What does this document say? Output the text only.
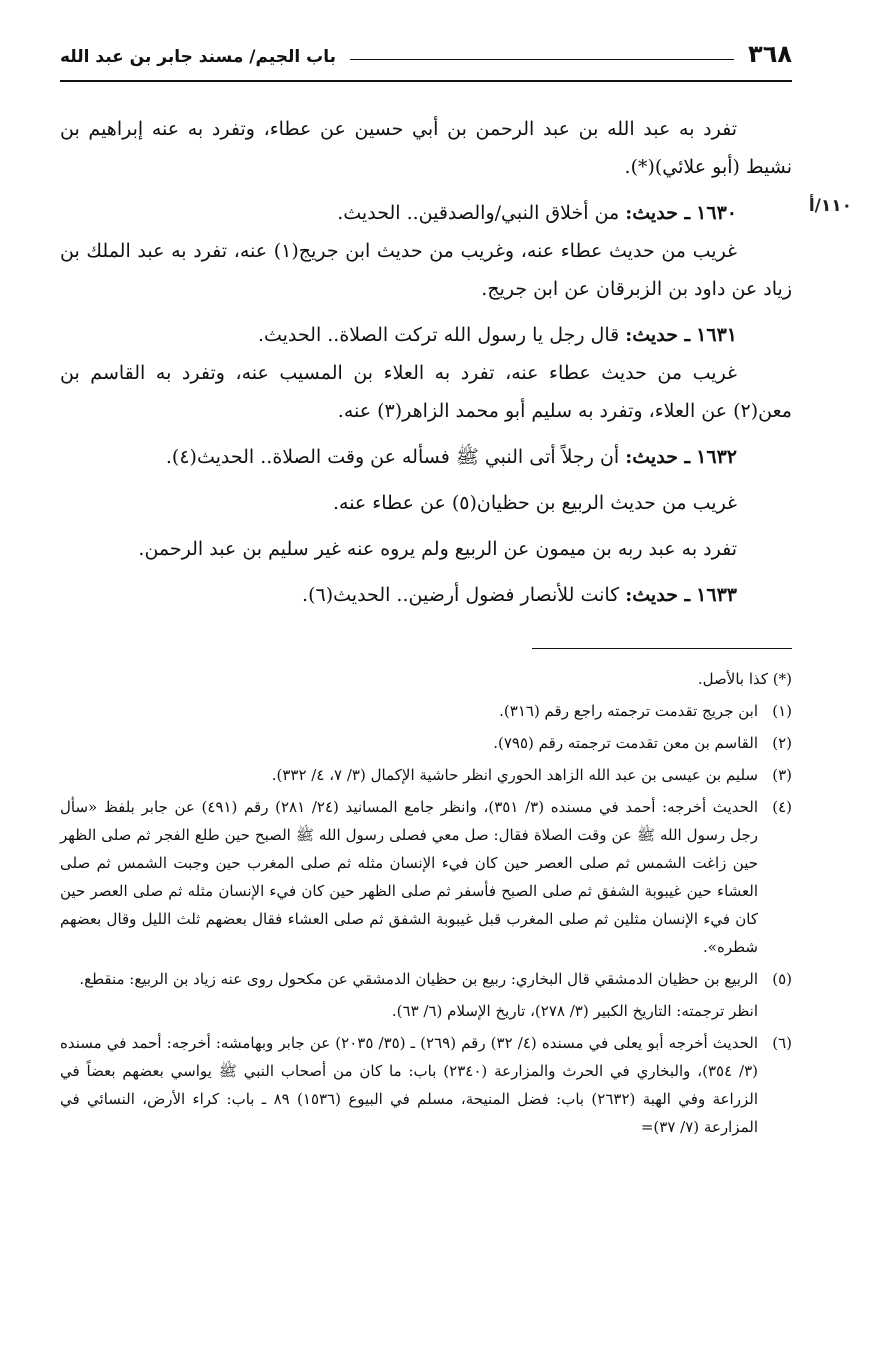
٣٦٨
باب الجيم/ مسند جابر بن عبد الله

تفرد به عبد الله بن عبد الرحمن بن أبي حسين عن عطاء، وتفرد به عنه إبراهيم بن نشيط (أبو علائي)(*).

١١٠/أ

١٦٣٠ ـ حديث: من أخلاق النبي/والصدقين.. الحديث.

غريب من حديث عطاء عنه، وغريب من حديث ابن جريج(١) عنه، تفرد به عبد الملك بن زياد عن داود بن الزبرقان عن ابن جريج.

١٦٣١ ـ حديث: قال رجل يا رسول الله تركت الصلاة.. الحديث.

غريب من حديث عطاء عنه، تفرد به العلاء بن المسيب عنه، وتفرد به القاسم بن معن(٢) عن العلاء، وتفرد به سليم أبو محمد الزاهر(٣) عنه.

١٦٣٢ ـ حديث: أن رجلاً أتى النبي ﷺ فسأله عن وقت الصلاة.. الحديث(٤).

غريب من حديث الربيع بن حظيان(٥) عن عطاء عنه.

تفرد به عبد ربه بن ميمون عن الربيع ولم يروه عنه غير سليم بن عبد الرحمن.

١٦٣٣ ـ حديث: كانت للأنصار فضول أرضين.. الحديث(٦).

(*) كذا بالأصل.
(١)
ابن جريج تقدمت ترجمته راجع رقم (٣١٦).
(٢)
القاسم بن معن تقدمت ترجمته رقم (٧٩٥).
(٣)
سليم بن عيسى بن عبد الله الزاهد الحوري انظر حاشية الإكمال (٣/ ٧، ٤/ ٣٣٢).
(٤)
الحديث أخرجه: أحمد في مسنده (٣/ ٣٥١)، وانظر جامع المسانيد (٢٤/ ٢٨١) رقم (٤٩١) عن جابر بلفظ «سأل رجل رسول الله ﷺ عن وقت الصلاة فقال: صل معي فصلى رسول الله ﷺ الصبح حين طلع الفجر ثم صلى الظهر حين زاغت الشمس ثم صلى العصر حين كان فيء الإنسان مثله ثم صلى المغرب حين وجبت الشمس ثم صلى العشاء حين غيبوبة الشفق ثم صلى الصبح فأسفر ثم صلى الظهر حين كان فيء الإنسان مثله ثم صلى العصر حين كان فيء الإنسان مثلين ثم صلى المغرب قبل غيبوبة الشفق ثم صلى العشاء فقال بعضهم ثلث الليل وقال بعضهم شطره».
(٥)
الربيع بن حظيان الدمشقي قال البخاري: ربيع بن حظيان الدمشقي عن مكحول روى عنه زياد بن الربيع: منقطع.
انظر ترجمته: التاريخ الكبير (٣/ ٢٧٨)، تاريخ الإسلام (٦/ ٦٣).
(٦)
الحديث أخرجه أبو يعلى في مسنده (٤/ ٣٢) رقم (٢٦٩) ـ (٣٥/ ٢٠٣٥) عن جابر وبهامشه: أخرجه: أحمد في مسنده (٣/ ٣٥٤)، والبخاري في الحرث والمزارعة (٢٣٤٠) باب: ما كان من أصحاب النبي ﷺ يواسي بعضهم بعضاً في الزراعة وفي الهبة (٢٦٣٢) باب: فضل المنيحة، مسلم في البيوع (١٥٣٦) ٨٩ ـ باب: كراء الأرض، النسائي في المزارعة (٧/ ٣٧)=
